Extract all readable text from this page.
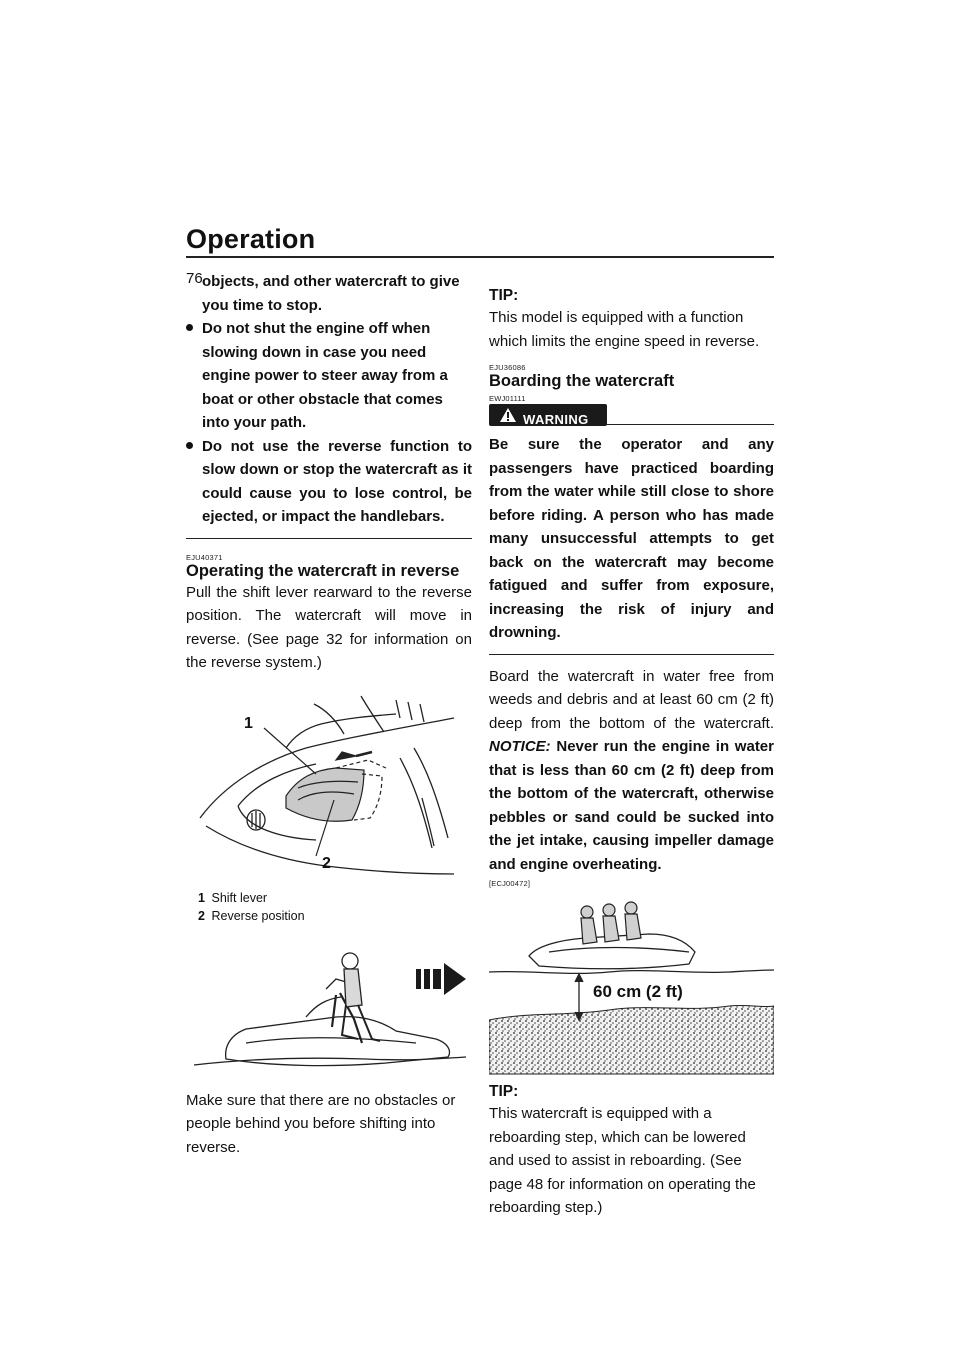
Operation
76 objects, and other watercraft to give you time to stop.
Do not shut the engine off when slowing down in case you need engine power to steer away from a boat or other obstacle that comes into your path.
Do not use the reverse function to slow down or stop the watercraft as it could cause you to lose control, be ejected, or impact the handlebars.
EJU40371
Operating the watercraft in reverse
Pull the shift lever rearward to the reverse position. The watercraft will move in reverse. (See page 32 for information on the reverse system.)
1
2
1 Shift lever
2 Reverse position
Make sure that there are no obstacles or people behind you before shifting into reverse.
TIP:
This model is equipped with a function which limits the engine speed in reverse.
EJU36086
Boarding the watercraft
EWJ01111
WARNING
Be sure the operator and any passengers have practiced boarding from the water while still close to shore before riding. A person who has made many unsuccessful attempts to get back on the watercraft may become fatigued and suffer from exposure, increasing the risk of injury and drowning.
Board the watercraft in water free from weeds and debris and at least 60 cm (2 ft) deep from the bottom of the watercraft. NOTICE: Never run the engine in water that is less than 60 cm (2 ft) deep from the bottom of the watercraft, otherwise pebbles or sand could be sucked into the jet intake, causing impeller damage and engine overheating.
[ECJ00472]
60 cm (2 ft)
TIP:
This watercraft is equipped with a reboarding step, which can be lowered and used to assist in reboarding. (See page 48 for information on operating the reboarding step.)
